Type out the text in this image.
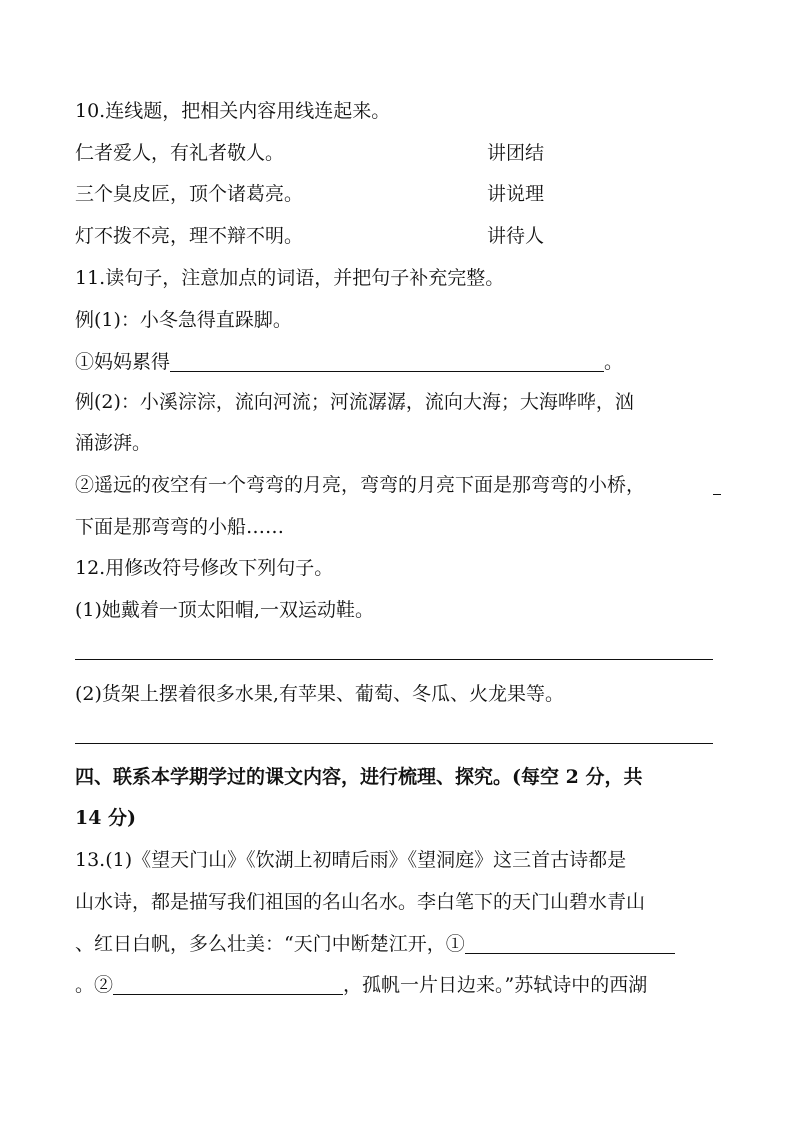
10.连线题，把相关内容用线连起来。
仁者爱人，有礼者敬人。	讲团结
三个臭皮匠，顶个诸葛亮。	讲说理
灯不拨不亮，理不辩不明。	讲待人
11.读句子，注意加点的词语，并把句子补充完整。
例(1)：小冬急得直跺脚。
①妈妈累得	。
例(2)：小溪淙淙，流向河流；河流潺潺，流向大海；大海哗哗，汹
涌澎湃。
②遥远的夜空有一个弯弯的月亮，弯弯的月亮下面是那弯弯的小桥，
下面是那弯弯的小船……
12.用修改符号修改下列句子。
(1)她戴着一顶太阳帽,一双运动鞋。
(2)货架上摆着很多水果,有苹果、葡萄、冬瓜、火龙果等。
四、联系本学期学过的课文内容，进行梳理、探究。(每空 2 分，共
14 分)
13.(1)《望天门山》《饮湖上初晴后雨》《望洞庭》这三首古诗都是
山水诗，都是描写我们祖国的名山名水。李白笔下的天门山碧水青山
、红日白帆，多么壮美：“天门中断楚江开，①
。②	，孤帆一片日边来。”苏轼诗中的西湖
